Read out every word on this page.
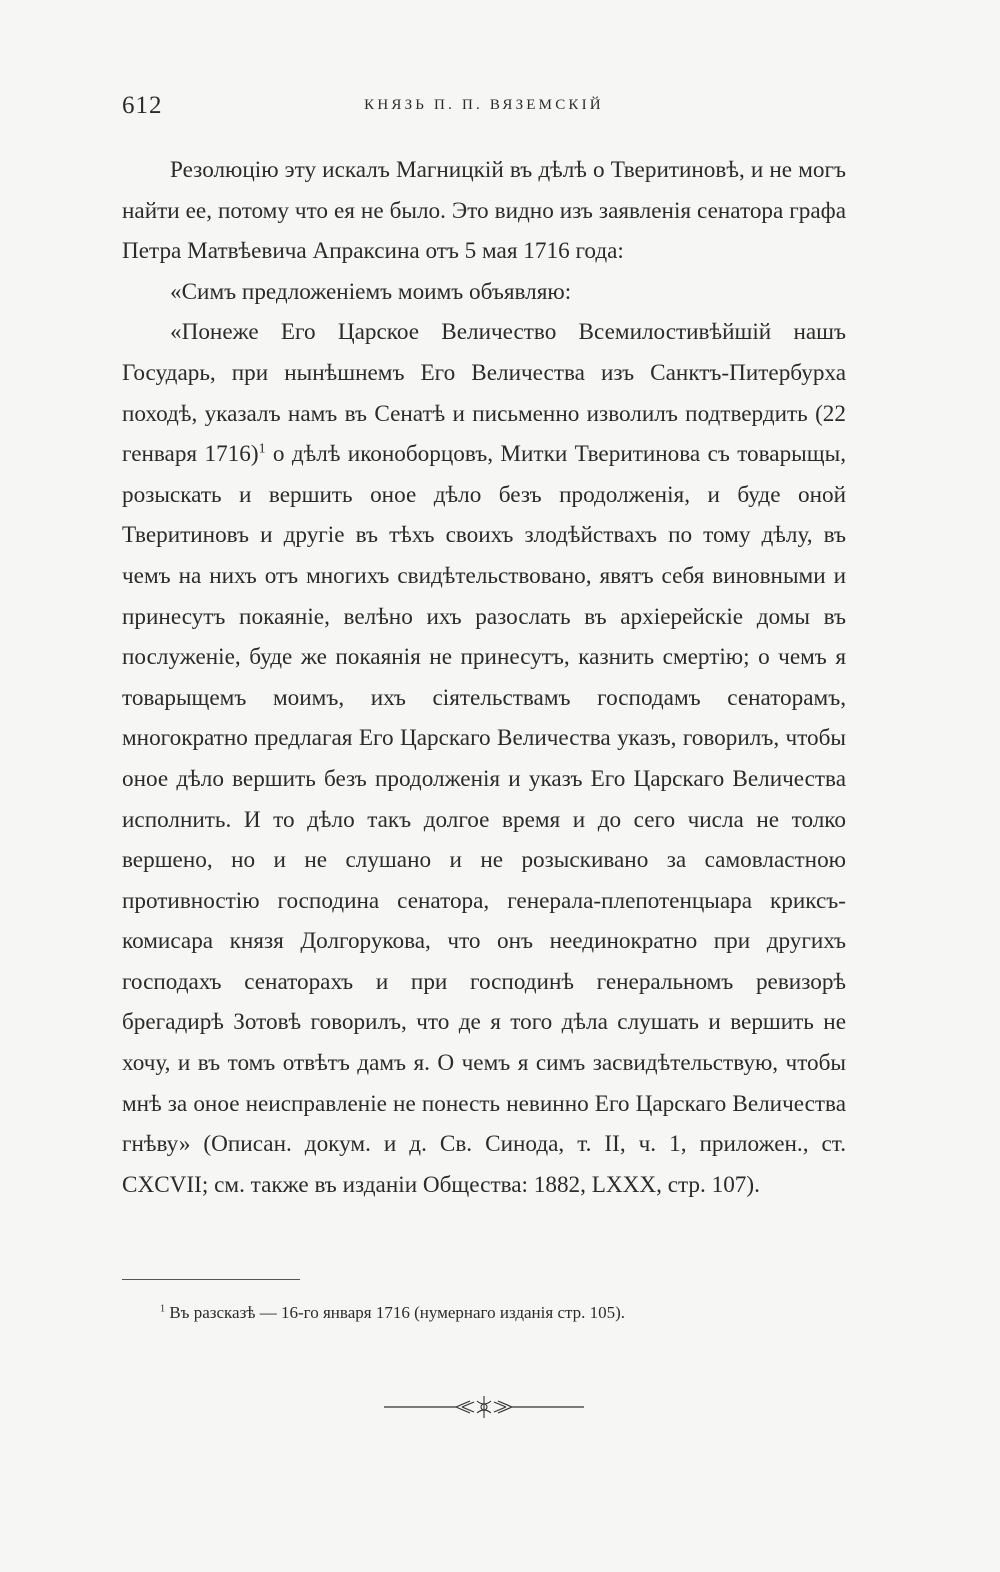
612	КНЯЗЬ П. П. ВЯЗЕМСКІЙ

Резолюцію эту искалъ Магницкій въ дѣлѣ о Тверитиновѣ, и не могъ найти ее, потому что ея не было. Это видно изъ заявленія сенатора графа Петра Матвѣевича Апраксина отъ 5 мая 1716 года:

«Симъ предложеніемъ моимъ объявляю:

«Понеже Его Царское Величество Всемилостивѣйшій нашъ Государь, при нынѣшнемъ Его Величества изъ Санктъ-Питербурха походѣ, указалъ намъ въ Сенатѣ и письменно изволилъ подтвердить (22 генваря 1716)$^1$ о дѣлѣ иконоборцовъ, Митки Тверитинова съ товарыщы, розыскать и вершить оное дѣло безъ продолженія, и буде оной Тверитиновъ и другіе въ тѣхъ своихъ злодѣйствахъ по тому дѣлу, въ чемъ на нихъ отъ многихъ свидѣтельствовано, явятъ себя виновными и принесутъ покаяніе, велѣно ихъ разослать въ архіерейскіе домы въ послуженіе, буде же покаянія не принесутъ, казнить смертію; о чемъ я товарыщемъ моимъ, ихъ сіятельствамъ господамъ сенаторамъ, многократно предлагая Его Царскаго Величества указъ, говорилъ, чтобы оное дѣло вершить безъ продолженія и указъ Его Царскаго Величества исполнить. И то дѣло такъ долгое время и до сего числа не толко вершено, но и не слушано и не розыскивано за самовластною противностію господина сенатора, генерала-плепотенцыара криксъ-комисара князя Долгорукова, что онъ неединократно при другихъ господахъ сенаторахъ и при господинѣ генеральномъ ревизорѣ брегадирѣ Зотовѣ говорилъ, что де я того дѣла слушать и вершить не хочу, и въ томъ отвѣтъ дамъ я. О чемъ я симъ засвидѣтельствую, чтобы мнѣ за оное неисправленіе не понесть невинно Его Царскаго Величества гнѣву» (Описан. докум. и д. Св. Синода, т. II, ч. 1, приложен., ст. CXCVII; см. также въ изданіи Общества: 1882, LXXX, стр. 107).

$^1$ Въ разсказѣ — 16-го января 1716 (нумернаго изданія стр. 105).
